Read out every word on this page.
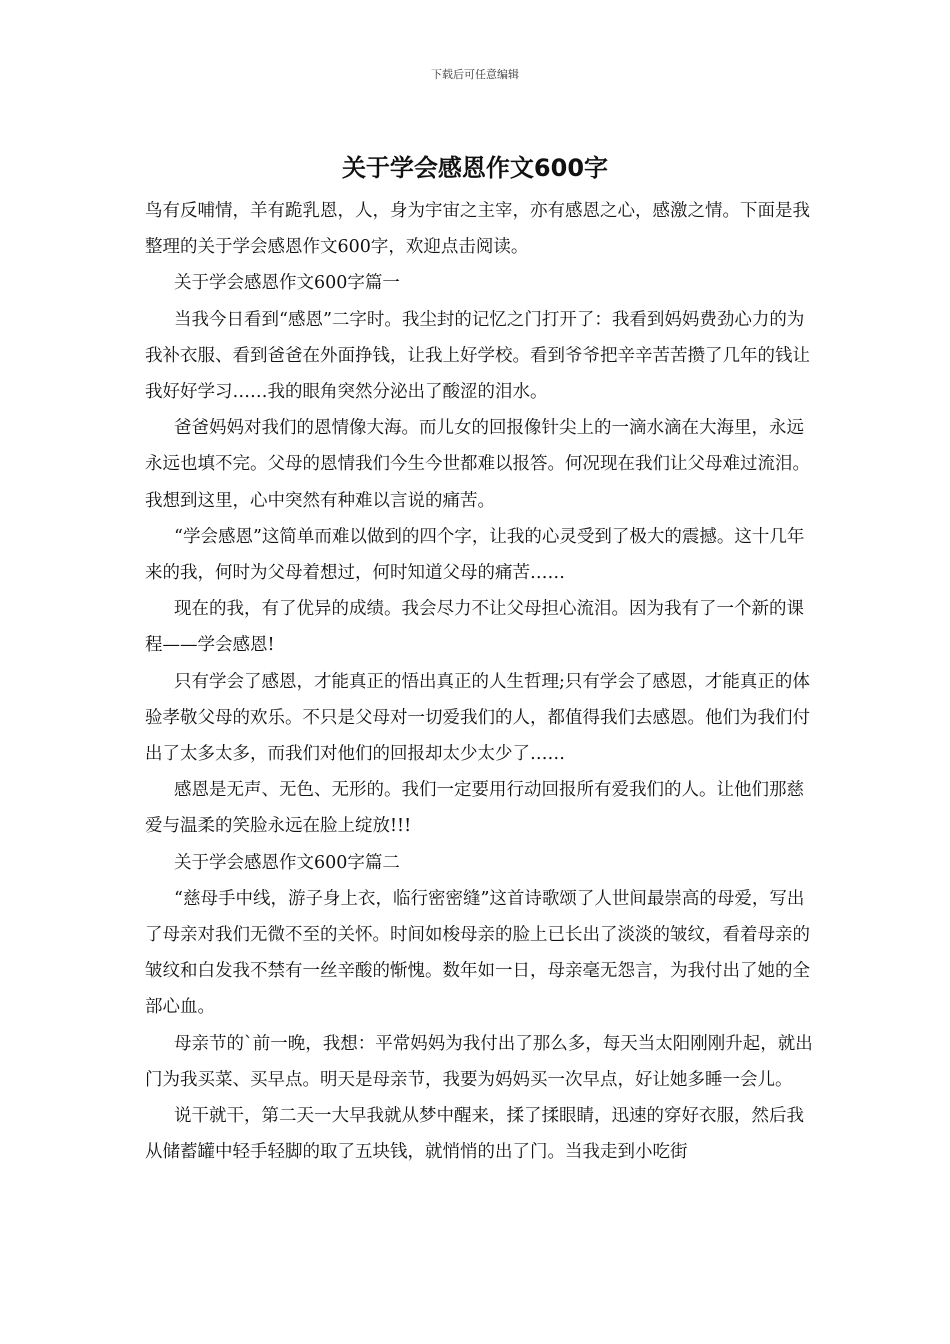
下载后可任意编辑
关于学会感恩作文600字

鸟有反哺情，羊有跪乳恩，人，身为宇宙之主宰，亦有感恩之心，感激之情。下面是我整理的关于学会感恩作文600字，欢迎点击阅读。

关于学会感恩作文600字篇一

当我今日看到“感恩”二字时。我尘封的记忆之门打开了：我看到妈妈费劲心力的为我补衣服、看到爸爸在外面挣钱，让我上好学校。看到爷爷把辛辛苦苦攒了几年的钱让我好好学习……我的眼角突然分泌出了酸涩的泪水。

爸爸妈妈对我们的恩情像大海。而儿女的回报像针尖上的一滴水滴在大海里，永远永远也填不完。父母的恩情我们今生今世都难以报答。何况现在我们让父母难过流泪。我想到这里，心中突然有种难以言说的痛苦。

“学会感恩”这简单而难以做到的四个字，让我的心灵受到了极大的震撼。这十几年来的我，何时为父母着想过，何时知道父母的痛苦……

现在的我，有了优异的成绩。我会尽力不让父母担心流泪。因为我有了一个新的课程——学会感恩!

只有学会了感恩，才能真正的悟出真正的人生哲理;只有学会了感恩，才能真正的体验孝敬父母的欢乐。不只是父母对一切爱我们的人，都值得我们去感恩。他们为我们付出了太多太多，而我们对他们的回报却太少太少了……

感恩是无声、无色、无形的。我们一定要用行动回报所有爱我们的人。让他们那慈爱与温柔的笑脸永远在脸上绽放!!!

关于学会感恩作文600字篇二

“慈母手中线，游子身上衣，临行密密缝”这首诗歌颂了人世间最崇高的母爱，写出了母亲对我们无微不至的关怀。时间如梭母亲的脸上已长出了淡淡的皱纹，看着母亲的皱纹和白发我不禁有一丝辛酸的惭愧。数年如一日，母亲毫无怨言，为我付出了她的全部心血。

母亲节的`前一晚，我想：平常妈妈为我付出了那么多，每天当太阳刚刚升起，就出门为我买菜、买早点。明天是母亲节，我要为妈妈买一次早点，好让她多睡一会儿。

说干就干，第二天一大早我就从梦中醒来，揉了揉眼睛，迅速的穿好衣服，然后我从储蓄罐中轻手轻脚的取了五块钱，就悄悄的出了门。当我走到小吃街
